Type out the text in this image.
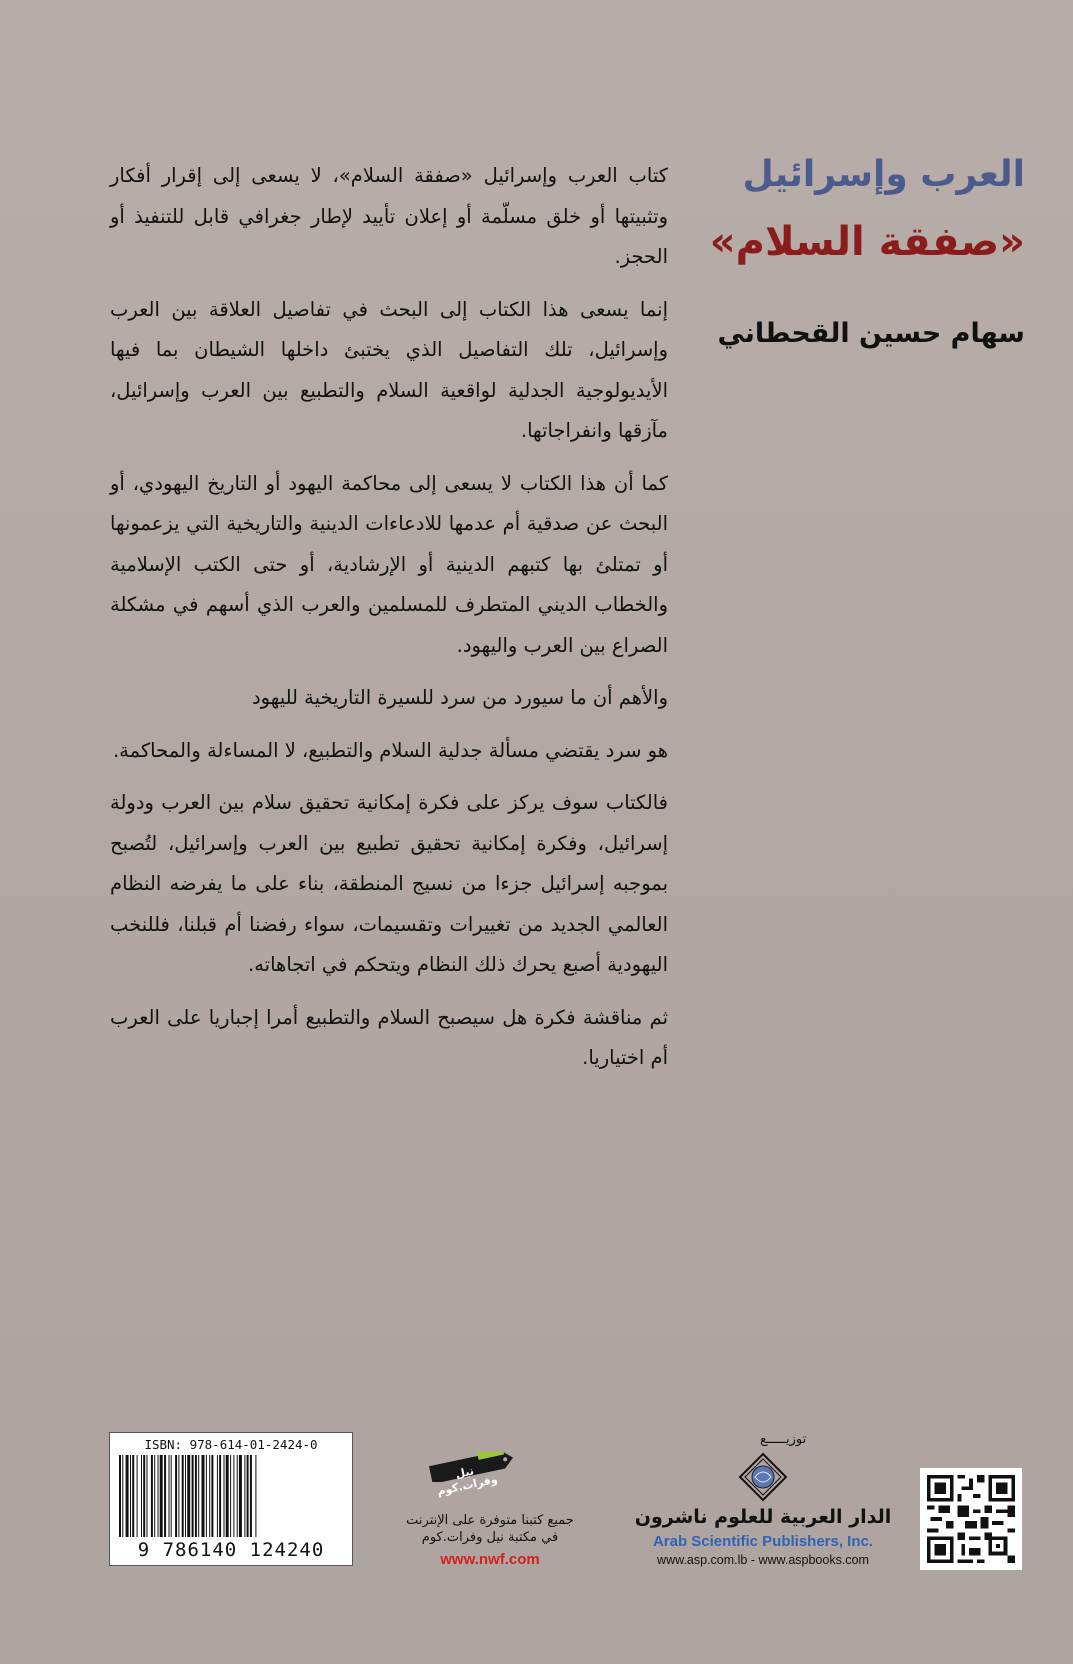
العرب وإسرائيل
«صفقة السلام»
سهام حسين القحطاني

كتاب العرب وإسرائيل «صفقة السلام»، لا يسعى إلى إقرار أفكار وتثبيتها أو خلق مسلّمة أو إعلان تأييد لإطار جغرافي قابل للتنفيذ أو الحجز.

إنما يسعى هذا الكتاب إلى البحث في تفاصيل العلاقة بين العرب وإسرائيل، تلك التفاصيل الذي يختبئ داخلها الشيطان بما فيها الأيديولوجية الجدلية لواقعية السلام والتطبيع بين العرب وإسرائيل، مآزقها وانفراجاتها.

كما أن هذا الكتاب لا يسعى إلى محاكمة اليهود أو التاريخ اليهودي، أو البحث عن صدقية أم عدمها للادعاءات الدينية والتاريخية التي يزعمونها أو تمتلئ بها كتبهم الدينية أو الإرشادية، أو حتى الكتب الإسلامية والخطاب الديني المتطرف للمسلمين والعرب الذي أسهم في مشكلة الصراع بين العرب واليهود.

والأهم أن ما سيورد من سرد للسيرة التاريخية لليهود

هو سرد يقتضي مسألة جدلية السلام والتطبيع، لا المساءلة والمحاكمة.

فالكتاب سوف يركز على فكرة إمكانية تحقيق سلام بين العرب ودولة إسرائيل، وفكرة إمكانية تحقيق تطبيع بين العرب وإسرائيل، لتُصبح بموجبه إسرائيل جزءا من نسيج المنطقة، بناء على ما يفرضه النظام العالمي الجديد من تغييرات وتقسيمات، سواء رفضنا أم قبلنا، فللنخب اليهودية أصبع يحرك ذلك النظام ويتحكم في اتجاهاته.

ثم مناقشة فكرة هل سيصبح السلام والتطبيع أمرا إجباريا على العرب أم اختياريا.

توزيـــــع
الدار العربية للعلوم ناشرون
Arab Scientific Publishers, Inc.
www.asp.com.lb - www.aspbooks.com
نيل وفرات.كوم
جميع كتبنا متوفرة على الإنترنت
في مكتبة نيل وفرات.كوم
www.nwf.com
ISBN: 978-614-01-2424-0
9 786140 124240
